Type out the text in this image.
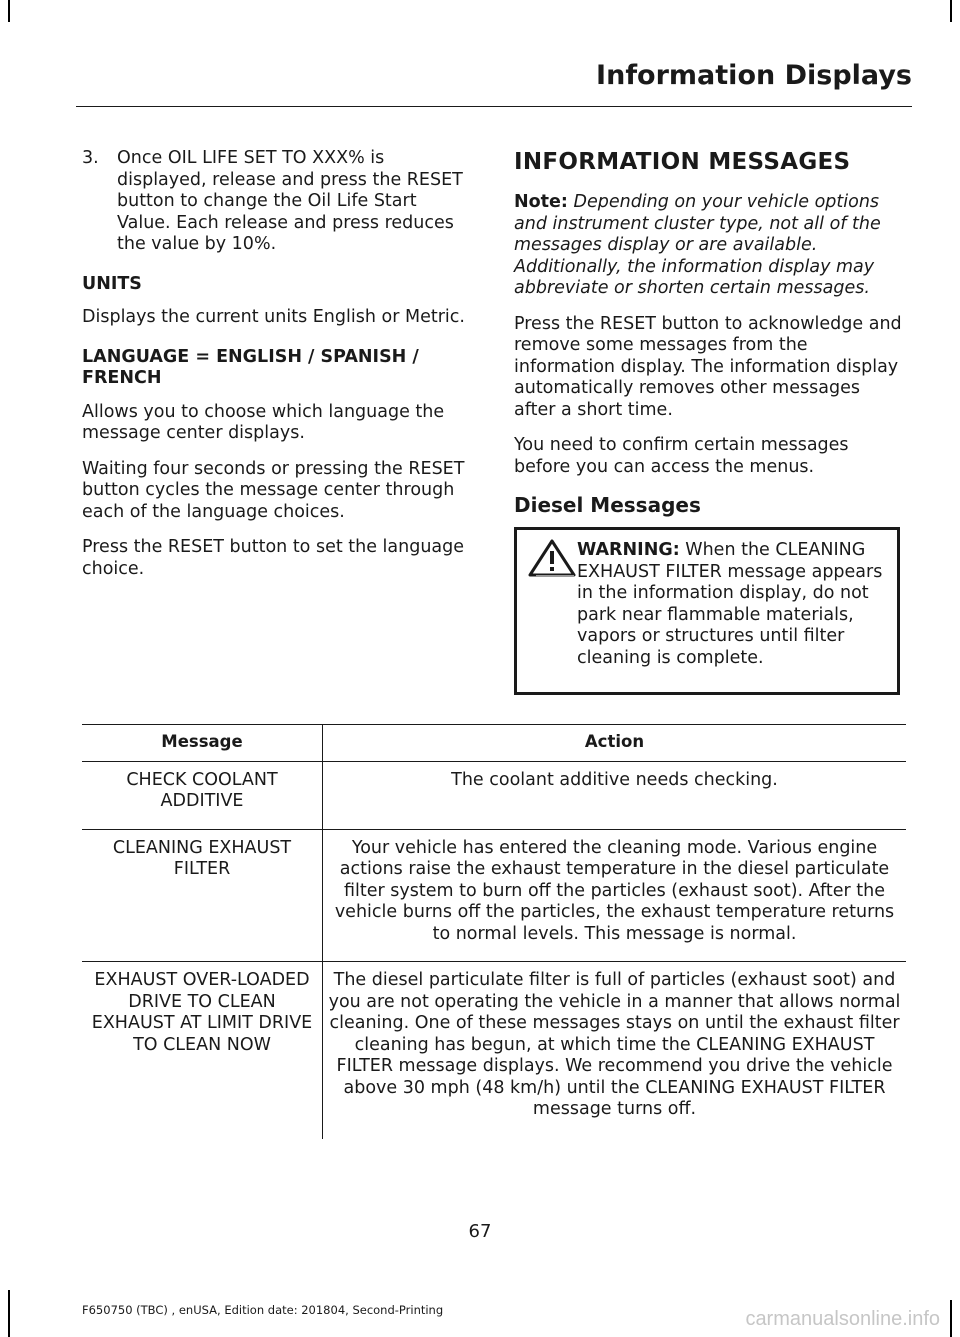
Information Displays
3. Once OIL LIFE SET TO XXX% is displayed, release and press the RESET button to change the Oil Life Start Value. Each release and press reduces the value by 10%.
UNITS

Displays the current units English or Metric.

LANGUAGE = ENGLISH / SPANISH / FRENCH

Allows you to choose which language the message center displays.

Waiting four seconds or pressing the RESET button cycles the message center through each of the language choices.

Press the RESET button to set the language choice.

INFORMATION MESSAGES

Note: Depending on your vehicle options and instrument cluster type, not all of the messages display or are available. Additionally, the information display may abbreviate or shorten certain messages.

Press the RESET button to acknowledge and remove some messages from the information display. The information display automatically removes other messages after a short time.

You need to confirm certain messages before you can access the menus.

Diesel Messages
WARNING: When the CLEANING EXHAUST FILTER message appears in the information display, do not park near flammable materials, vapors or structures until filter cleaning is complete.
Message	Action

CHECK COOLANT ADDITIVE	The coolant additive needs checking.

CLEANING EXHAUST FILTER	Your vehicle has entered the cleaning mode. Various engine actions raise the exhaust temperature in the diesel particulate filter system to burn off the particles (exhaust soot). After the vehicle burns off the particles, the exhaust temperature returns to normal levels. This message is normal.

EXHAUST OVER-LOADED DRIVE TO CLEAN
EXHAUST AT LIMIT DRIVE TO CLEAN NOW	The diesel particulate filter is full of particles (exhaust soot) and you are not operating the vehicle in a manner that allows normal cleaning. One of these messages stays on until the exhaust filter cleaning has begun, at which time the CLEANING EXHAUST FILTER message displays. We recommend you drive the vehicle above 30 mph (48 km/h) until the CLEANING EXHAUST FILTER message turns off.
67
F650750 (TBC) , enUSA, Edition date: 201804, Second-Printing	carmanualsonline.info
